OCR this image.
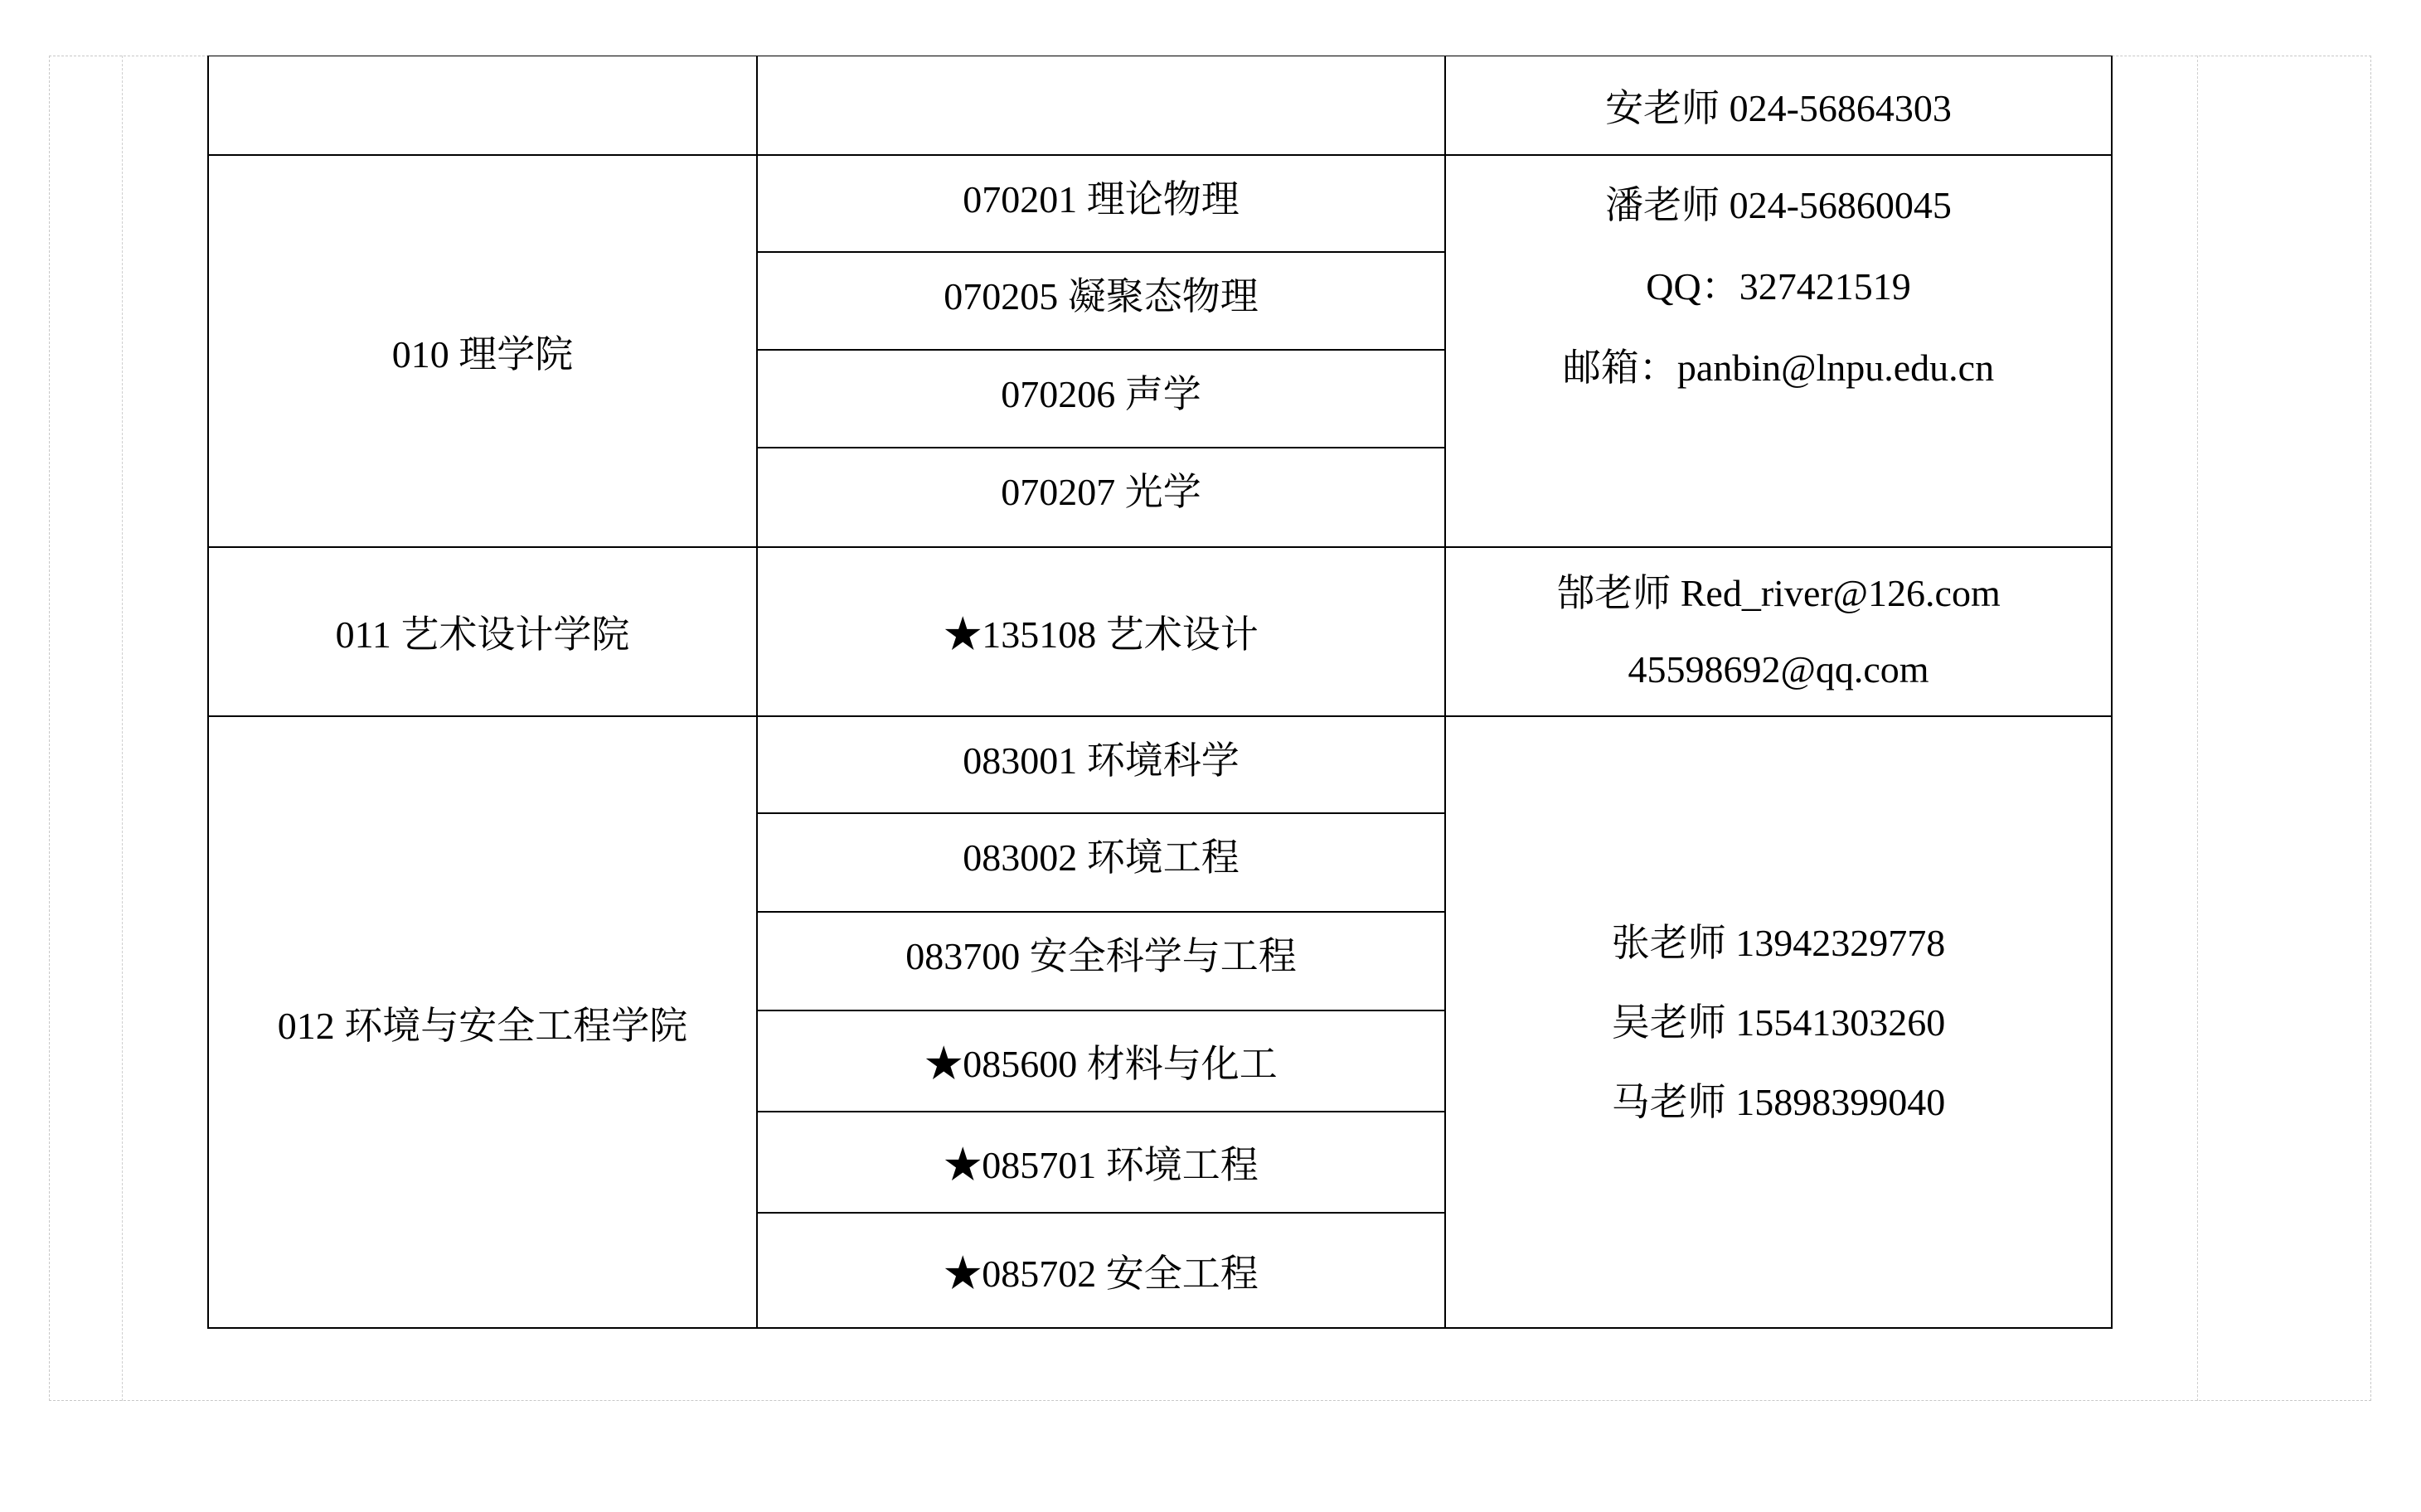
安老师 024-56864303
010 理学院
070201 理论物理
070205 凝聚态物理
070206 声学
070207 光学
潘老师 024-56860045
QQ：327421519
邮箱：panbin@lnpu.edu.cn
011 艺术设计学院	★135108 艺术设计
郜老师 Red_river@126.com
45598692@qq.com
012 环境与安全工程学院
083001 环境科学
083002 环境工程
083700 安全科学与工程
★085600 材料与化工
★085701 环境工程
★085702 安全工程
张老师 13942329778
吴老师 15541303260
马老师 15898399040
